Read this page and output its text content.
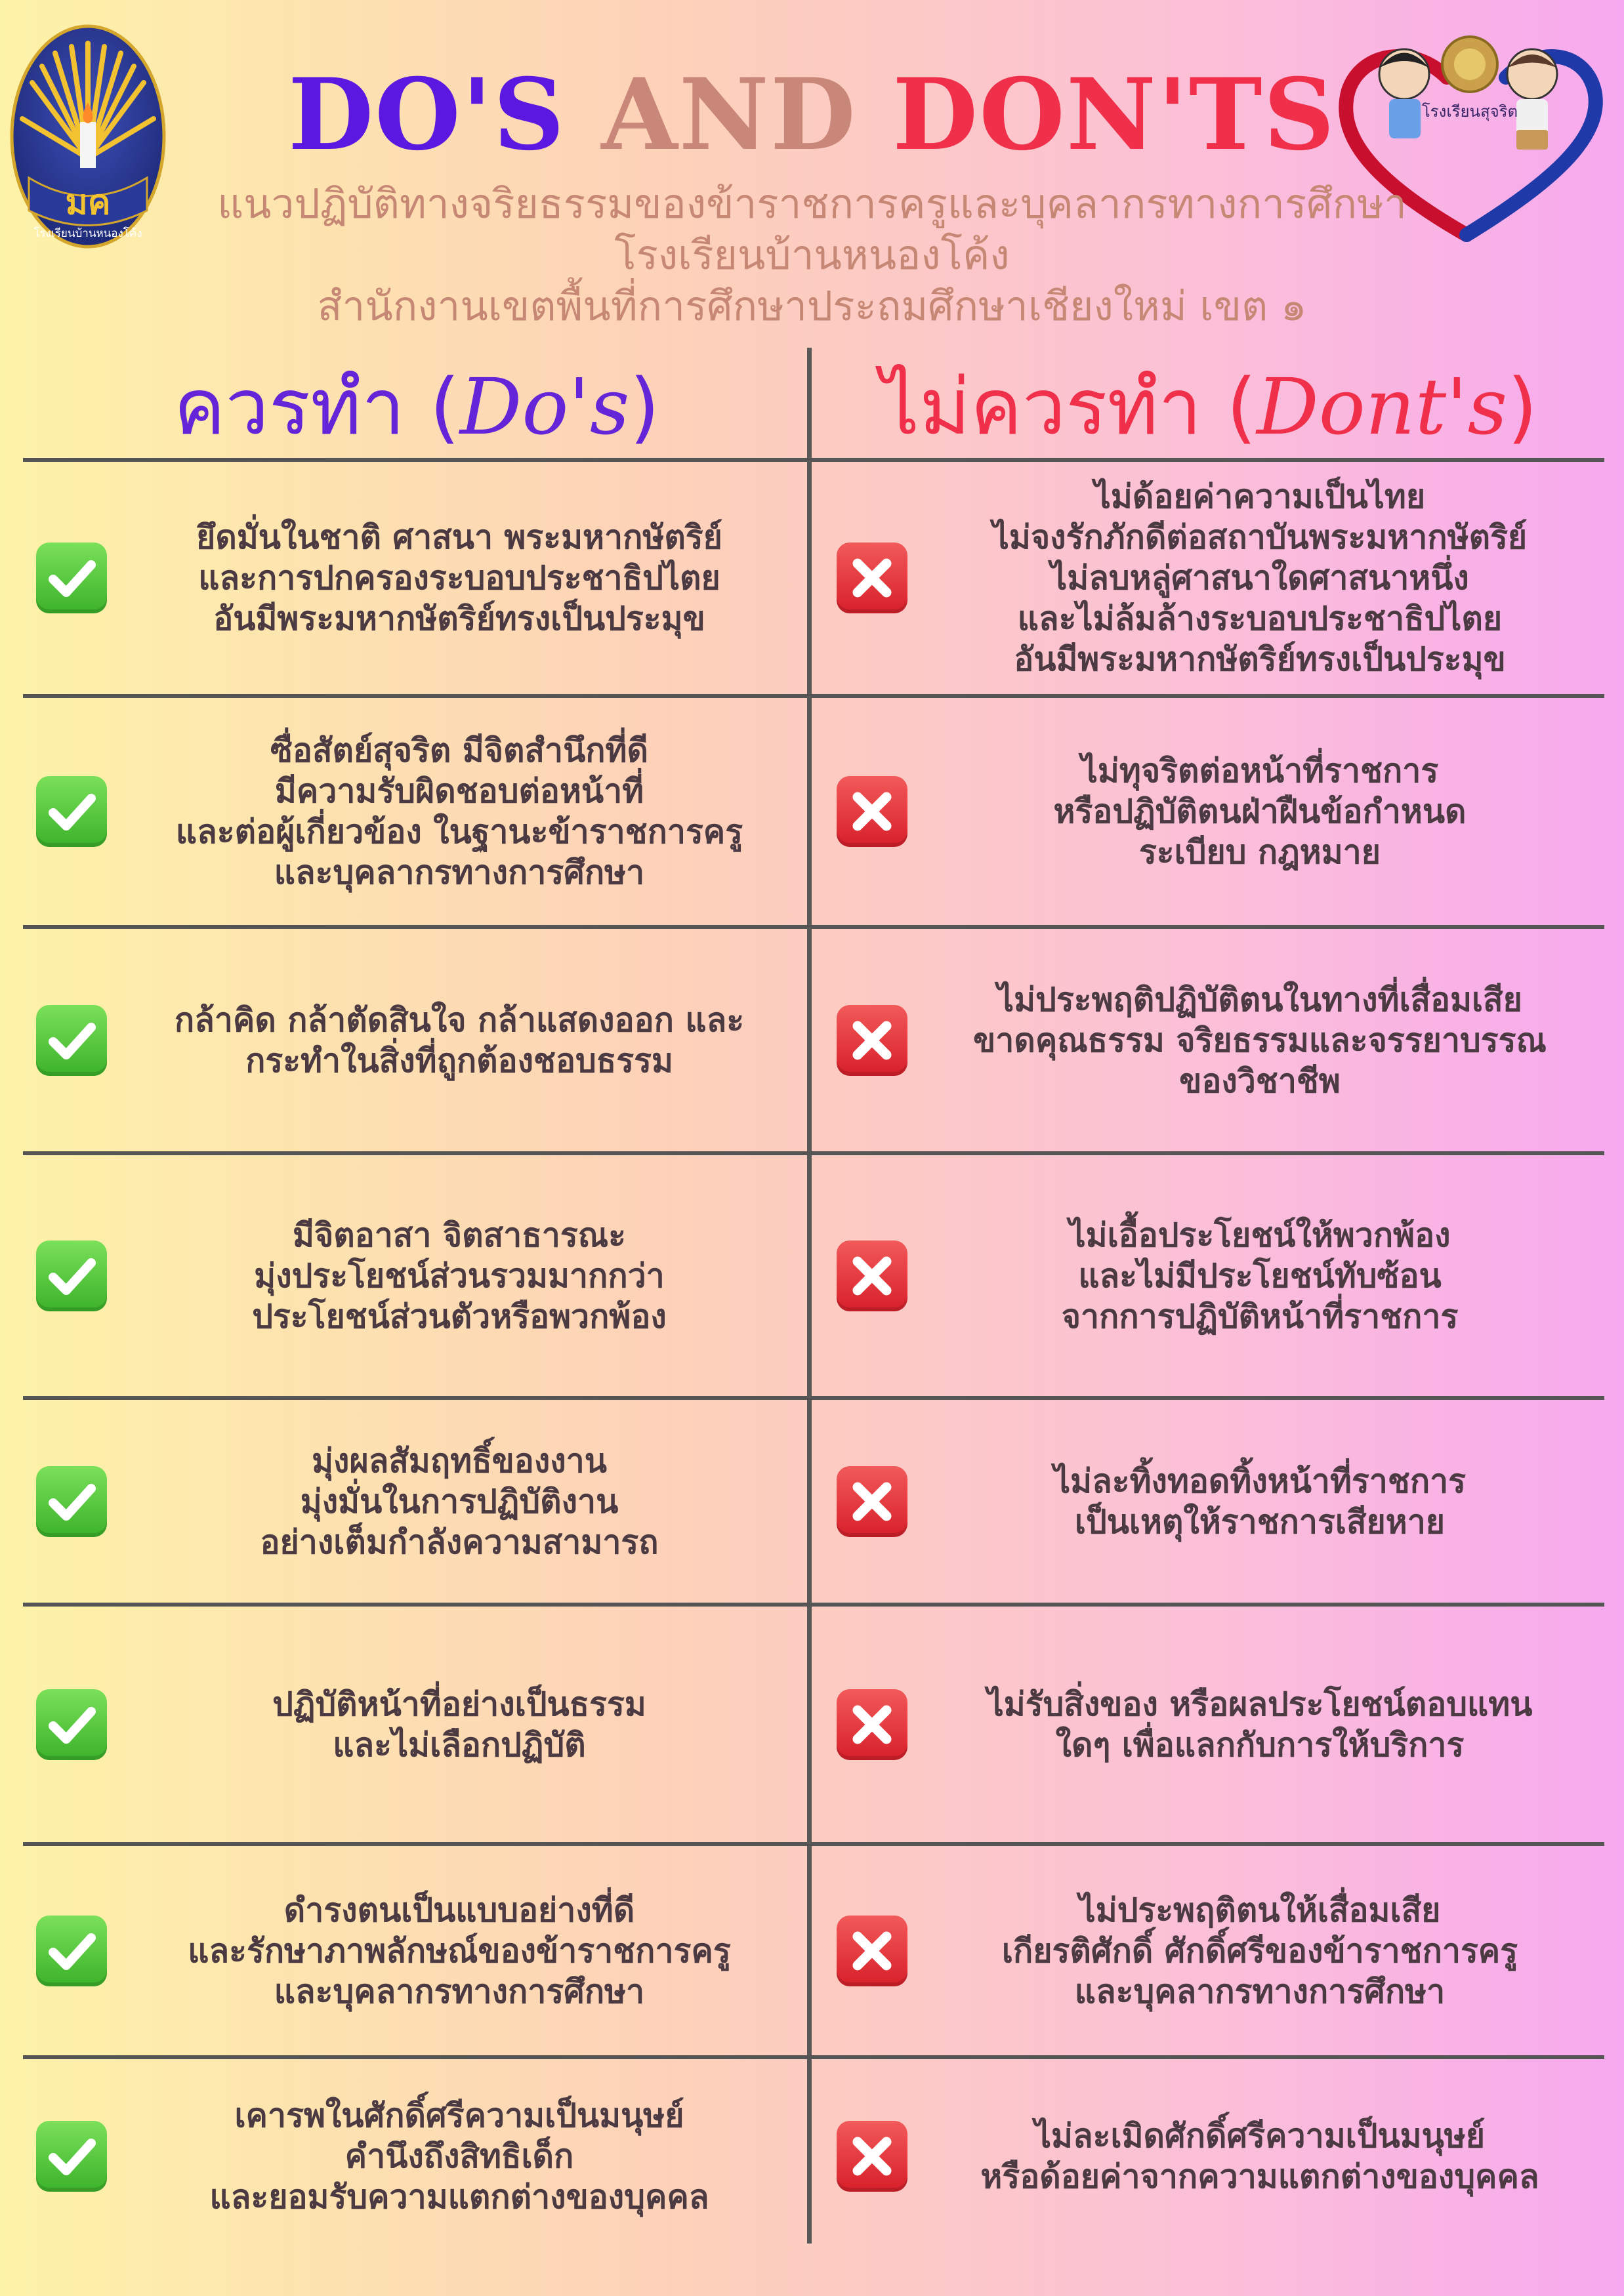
มค
โรงเรียนบ้านหนองโค้ง
โรงเรียนสุจริต
DO'S AND DON'TS
แนวปฏิบัติทางจริยธรรมของข้าราชการครูและบุคลากรทางการศึกษา
โรงเรียนบ้านหนองโค้ง
สำนักงานเขตพื้นที่การศึกษาประถมศึกษาเชียงใหม่ เขต ๑
ควรทำ (Do's)	ไม่ควรทำ (Dont's)
ยึดมั่นในชาติ ศาสนา พระมหากษัตริย์
และการปกครองระบอบประชาธิปไตย
อันมีพระมหากษัตริย์ทรงเป็นประมุข
ไม่ด้อยค่าความเป็นไทย
ไม่จงรักภักดีต่อสถาบันพระมหากษัตริย์
ไม่ลบหลู่ศาสนาใดศาสนาหนึ่ง
และไม่ล้มล้างระบอบประชาธิปไตย
อันมีพระมหากษัตริย์ทรงเป็นประมุข
ซื่อสัตย์สุจริต มีจิตสำนึกที่ดี
มีความรับผิดชอบต่อหน้าที่
และต่อผู้เกี่ยวข้อง ในฐานะข้าราชการครู
และบุคลากรทางการศึกษา
ไม่ทุจริตต่อหน้าที่ราชการ
หรือปฏิบัติตนฝ่าฝืนข้อกำหนด
ระเบียบ กฎหมาย
กล้าคิด กล้าตัดสินใจ กล้าแสดงออก และ
กระทำในสิ่งที่ถูกต้องชอบธรรม
ไม่ประพฤติปฏิบัติตนในทางที่เสื่อมเสีย
ขาดคุณธรรม จริยธรรมและจรรยาบรรณ
ของวิชาชีพ
มีจิตอาสา จิตสาธารณะ
มุ่งประโยชน์ส่วนรวมมากกว่า
ประโยชน์ส่วนตัวหรือพวกพ้อง
ไม่เอื้อประโยชน์ให้พวกพ้อง
และไม่มีประโยชน์ทับซ้อน
จากการปฏิบัติหน้าที่ราชการ
มุ่งผลสัมฤทธิ์ของงาน
มุ่งมั่นในการปฏิบัติงาน
อย่างเต็มกำลังความสามารถ
ไม่ละทิ้งทอดทิ้งหน้าที่ราชการ
เป็นเหตุให้ราชการเสียหาย
ปฏิบัติหน้าที่อย่างเป็นธรรม
และไม่เลือกปฏิบัติ
ไม่รับสิ่งของ หรือผลประโยชน์ตอบแทน
ใดๆ เพื่อแลกกับการให้บริการ
ดำรงตนเป็นแบบอย่างที่ดี
และรักษาภาพลักษณ์ของข้าราชการครู
และบุคลากรทางการศึกษา
ไม่ประพฤติตนให้เสื่อมเสีย
เกียรติศักดิ์ ศักดิ์ศรีของข้าราชการครู
และบุคลากรทางการศึกษา
เคารพในศักดิ์ศรีความเป็นมนุษย์
คำนึงถึงสิทธิเด็ก
และยอมรับความแตกต่างของบุคคล
ไม่ละเมิดศักดิ์ศรีความเป็นมนุษย์
หรือด้อยค่าจากความแตกต่างของบุคคล
